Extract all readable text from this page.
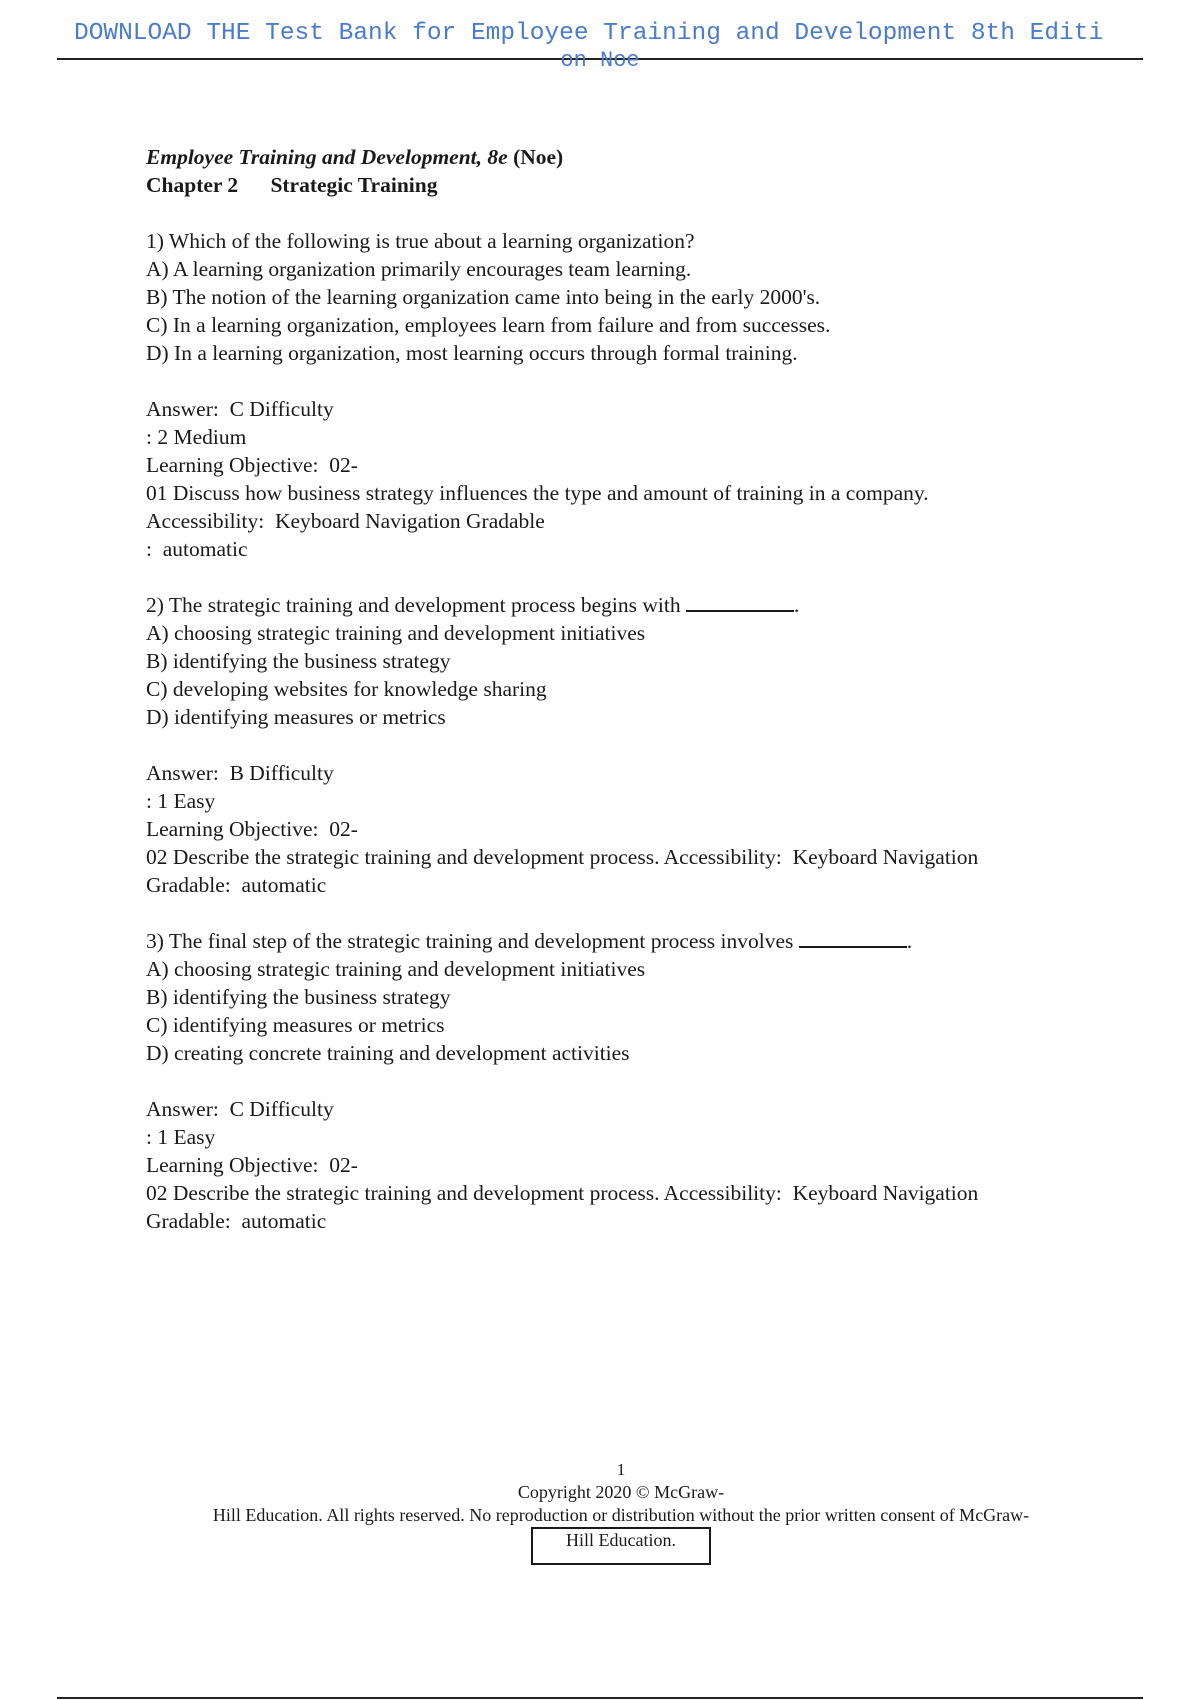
DOWNLOAD THE Test Bank for Employee Training and Development 8th Editi
on Noe
Employee Training and Development, 8e (Noe)
Chapter 2 Strategic Training
1) Which of the following is true about a learning organization?
A) A learning organization primarily encourages team learning.
B) The notion of the learning organization came into being in the early 2000's.
C) In a learning organization, employees learn from failure and from successes.
D) In a learning organization, most learning occurs through formal training.
Answer:  C Difficulty
: 2 Medium
Learning Objective:  02-
01 Discuss how business strategy influences the type and amount of training in a company.
Accessibility:  Keyboard Navigation Gradable
:  automatic
2) The strategic training and development process begins with	.
A) choosing strategic training and development initiatives
B) identifying the business strategy
C) developing websites for knowledge sharing
D) identifying measures or metrics
Answer:  B Difficulty
: 1 Easy
Learning Objective:  02-
02 Describe the strategic training and development process. Accessibility:  Keyboard Navigation
Gradable:  automatic
3) The final step of the strategic training and development process involves	.
A) choosing strategic training and development initiatives
B) identifying the business strategy
C) identifying measures or metrics
D) creating concrete training and development activities
Answer:  C Difficulty
: 1 Easy
Learning Objective:  02-
02 Describe the strategic training and development process. Accessibility:  Keyboard Navigation
Gradable:  automatic
1
Copyright 2020 © McGraw-
Hill Education. All rights reserved. No reproduction or distribution without the prior written consent of McGraw-
Hill Education.
